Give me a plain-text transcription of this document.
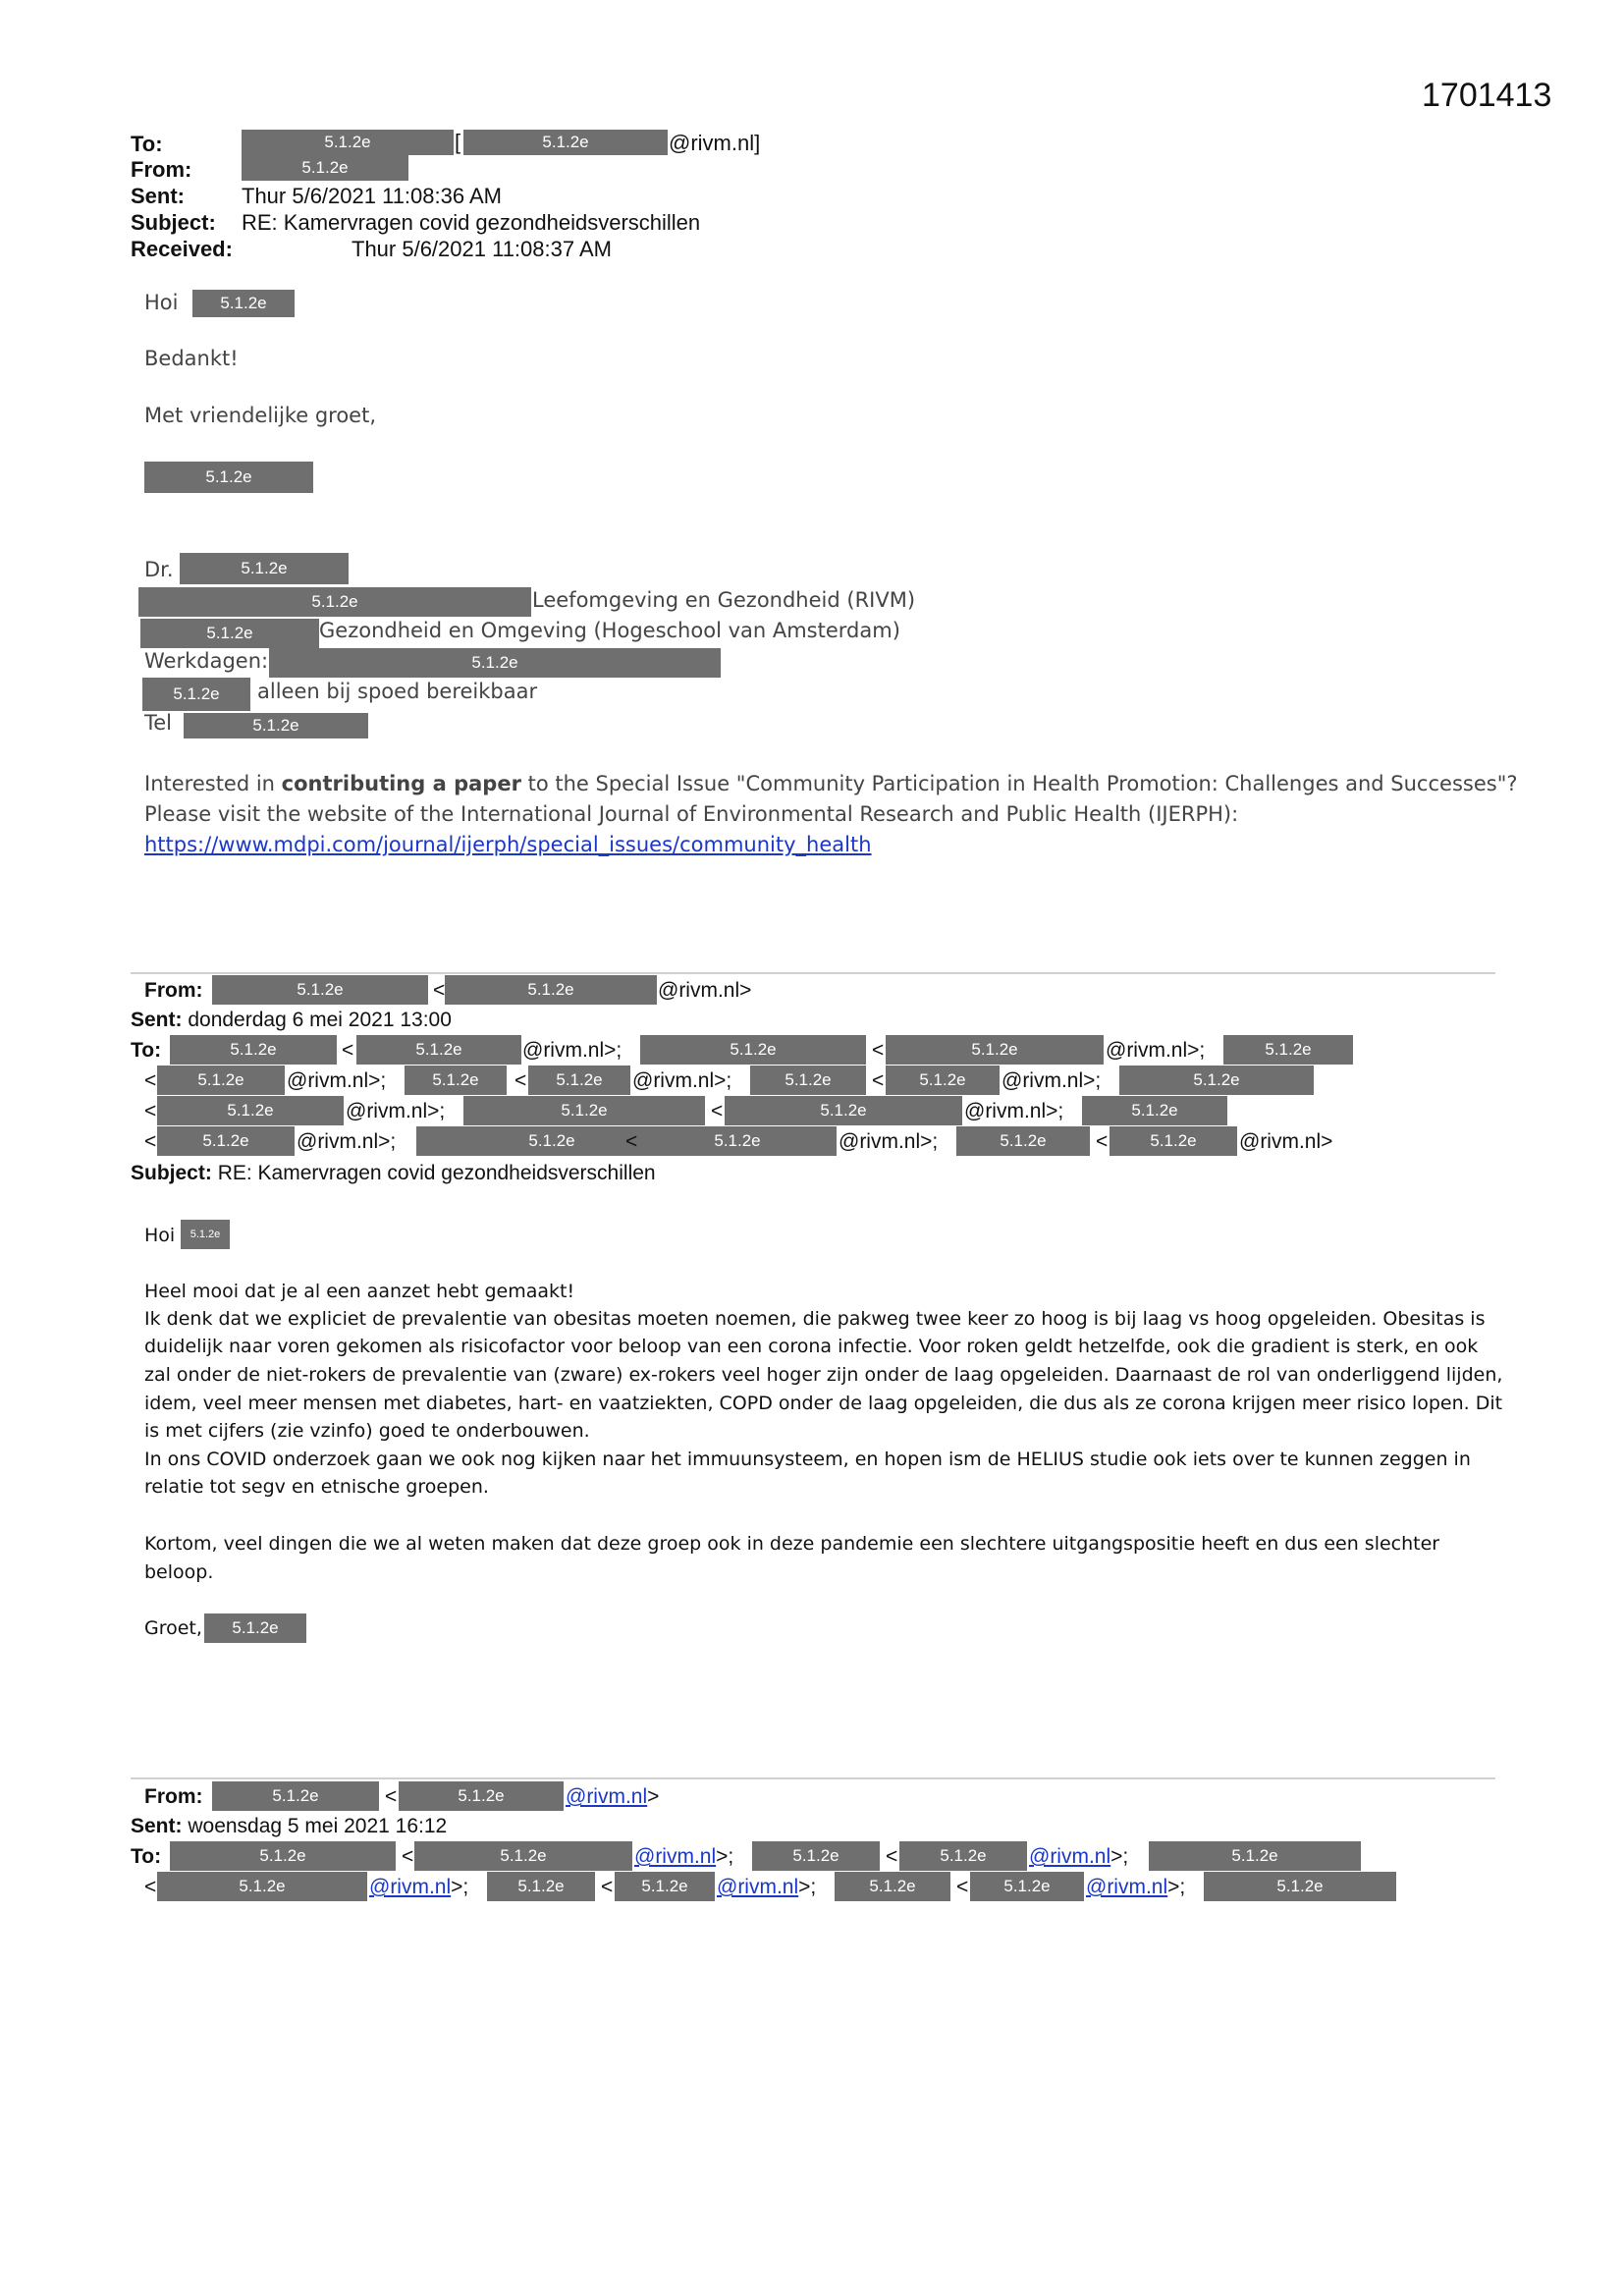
1701413
To:	5.1.2e	[	5.1.2e	@rivm.nl]
From:	5.1.2e
Sent:	Thur 5/6/2021 11:08:36 AM
Subject: RE: Kamervragen covid gezondheidsverschillen
Received:	Thur 5/6/2021 11:08:37 AM
Hoi	5.1.2e
Bedankt!
Met vriendelijke groet,
5.1.2e
Dr.	5.1.2e
5.1.2e	Leefomgeving en Gezondheid (RIVM)
5.1.2e	Gezondheid en Omgeving (Hogeschool van Amsterdam)
Werkdagen:	5.1.2e
5.1.2e	alleen bij spoed bereikbaar
Tel	5.1.2e
Interested in contributing a paper to the Special Issue "Community Participation in Health Promotion: Challenges and Successes"?
Please visit the website of the International Journal of Environmental Research and Public Health (IJERPH):
https://www.mdpi.com/journal/ijerph/special_issues/community_health
From:	5.1.2e	<	5.1.2e	@rivm.nl>
Sent: donderdag 6 mei 2021 13:00
To:	5.1.2e	<	5.1.2e	@rivm.nl>;	5.1.2e	<	5.1.2e	@rivm.nl>;	5.1.2e
<	5.1.2e	@rivm.nl>;	5.1.2e	<	5.1.2e	@rivm.nl>;	5.1.2e	<	5.1.2e	@rivm.nl>;	5.1.2e
<	5.1.2e	@rivm.nl>;	5.1.2e	<	5.1.2e	@rivm.nl>;	5.1.2e
<	5.1.2e	@rivm.nl>;	5.1.2e	<	5.1.2e	@rivm.nl>;	5.1.2e	<	5.1.2e	@rivm.nl>
Subject: RE: Kamervragen covid gezondheidsverschillen
Hoi	5.1.2e
Heel mooi dat je al een aanzet hebt gemaakt!
Ik denk dat we expliciet de prevalentie van obesitas moeten noemen, die pakweg twee keer zo hoog is bij laag vs hoog opgeleiden. Obesitas is
duidelijk naar voren gekomen als risicofactor voor beloop van een corona infectie. Voor roken geldt hetzelfde, ook die gradient is sterk, en ook
zal onder de niet-rokers de prevalentie van (zware) ex-rokers veel hoger zijn onder de laag opgeleiden. Daarnaast de rol van onderliggend lijden,
idem, veel meer mensen met diabetes, hart- en vaatziekten, COPD onder de laag opgeleiden, die dus als ze corona krijgen meer risico lopen. Dit
is met cijfers (zie vzinfo) goed te onderbouwen.
In ons COVID onderzoek gaan we ook nog kijken naar het immuunsysteem, en hopen ism de HELIUS studie ook iets over te kunnen zeggen in
relatie tot segv en etnische groepen.
Kortom, veel dingen die we al weten maken dat deze groep ook in deze pandemie een slechtere uitgangspositie heeft en dus een slechter
beloop.
Groet,	5.1.2e
From:	5.1.2e	<	5.1.2e	@rivm.nl>
Sent: woensdag 5 mei 2021 16:12
To:	5.1.2e	<	5.1.2e	@rivm.nl>;	5.1.2e	<	5.1.2e	@rivm.nl>;	5.1.2e
<	5.1.2e	@rivm.nl>;	5.1.2e	<	5.1.2e	@rivm.nl>;	5.1.2e	<	5.1.2e	@rivm.nl>;	5.1.2e
